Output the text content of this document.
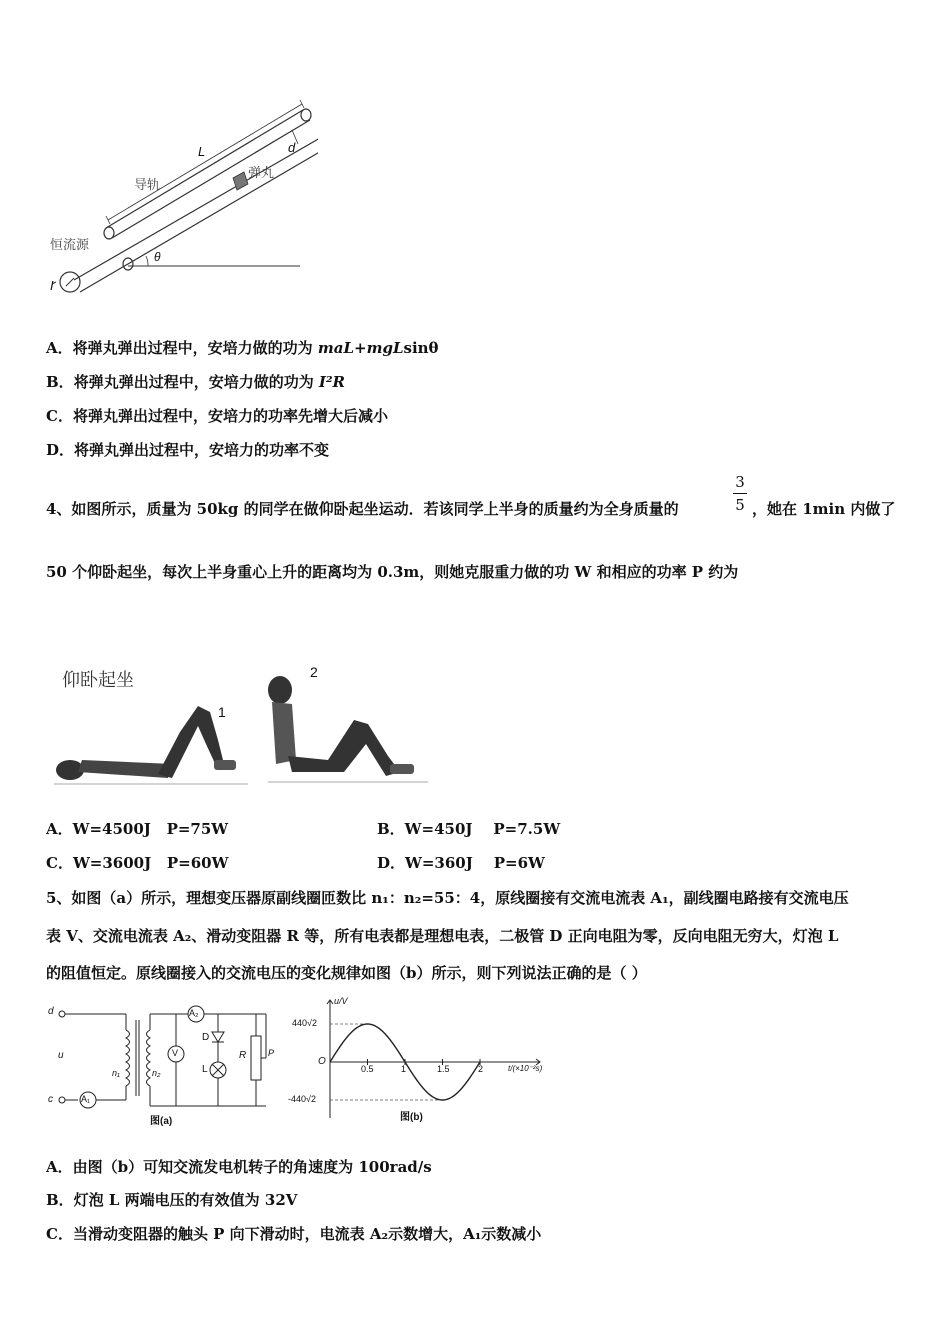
L	d
导轨
弹丸
恒流源
I
θ
A．将弹丸弹出过程中，安培力做的功为 maL+mgLsinθ
B．将弹丸弹出过程中，安培力做的功为 I²R
C．将弹丸弹出过程中，安培力的功率先增大后减小
D．将弹丸弹出过程中，安培力的功率不变
4、如图所示，质量为 50kg 的同学在做仰卧起坐运动．若该同学上半身的质量约为全身质量的
3
5 ，她在 1min 内做了
50 个仰卧起坐，每次上半身重心上升的距离均为 0.3m，则她克服重力做的功 W 和相应的功率 P 约为
仰卧起坐
1
2
A．W=4500J   P=75W	B．W=450J    P=7.5W
C．W=3600J   P=60W	D．W=360J    P=6W
5、如图（a）所示，理想变压器原副线圈匝数比 n₁：n₂=55：4，原线圈接有交流电流表 A₁，副线圈电路接有交流电压
表 V、交流电流表 A₂、滑动变阻器 R 等，所有电表都是理想电表，二极管 D 正向电阻为零，反向电阻无穷大，灯泡 L
的阻值恒定。原线圈接入的交流电压的变化规律如图（b）所示，则下列说法正确的是（ ）
d
c
u
n₁	n₂
A₁
A₂
V
D
L
R P
图(a)
u/V
t/(×10⁻²s)
O
440√2
-440√2
0.5	1	1.5	2
图(b)
A．由图（b）可知交流发电机转子的角速度为 100rad/s
B．灯泡 L 两端电压的有效值为 32V
C．当滑动变阻器的触头 P 向下滑动时，电流表 A₂示数增大，A₁示数减小
